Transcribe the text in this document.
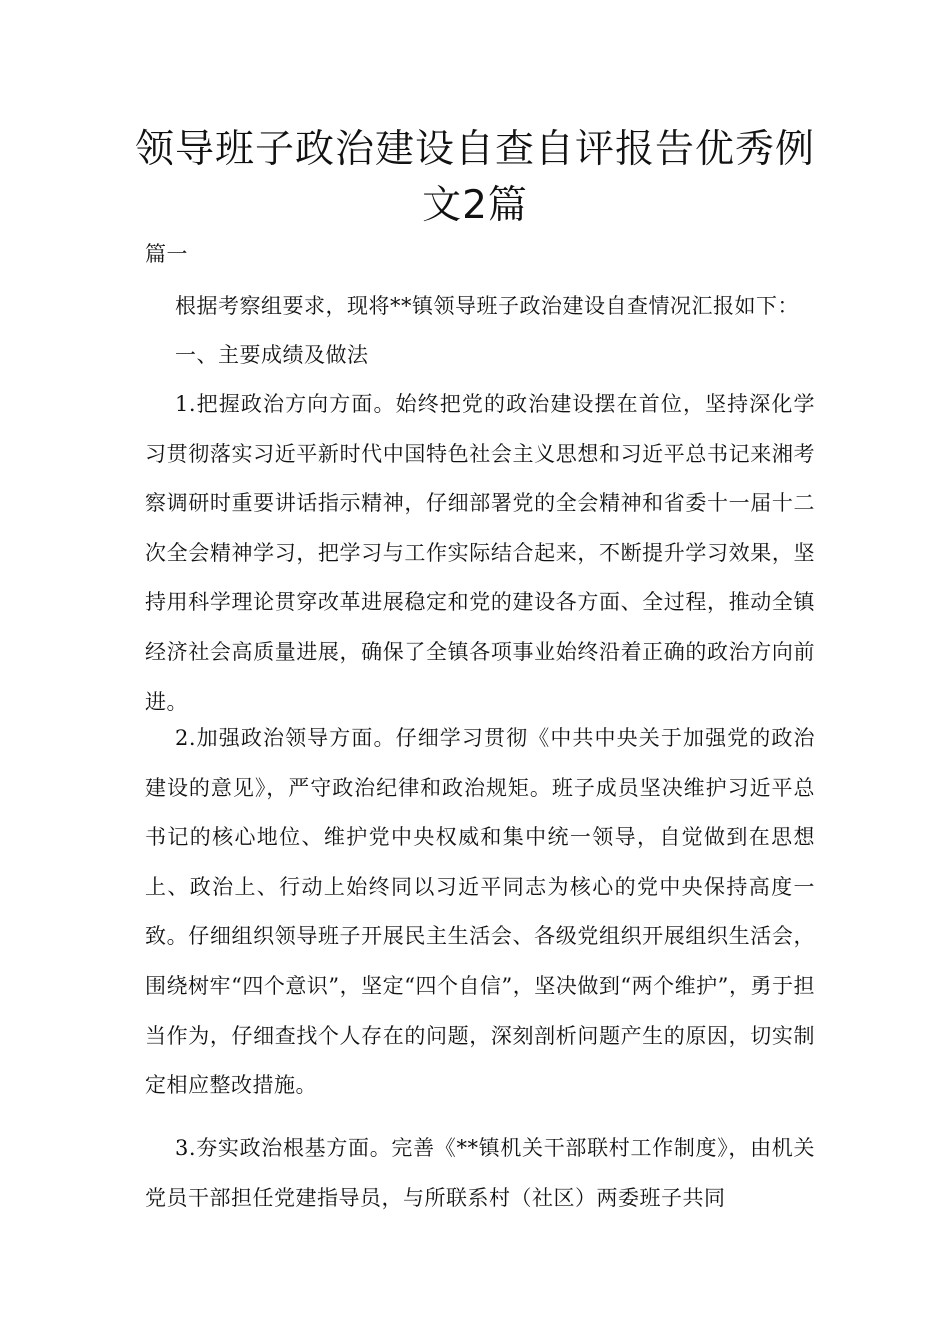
领导班子政治建设自查自评报告优秀例
文2篇

篇一

根据考察组要求，现将**镇领导班子政治建设自查情况汇报如下：

一、主要成绩及做法

1.把握政治方向方面。始终把党的政治建设摆在首位，坚持深化学习贯彻落实习近平新时代中国特色社会主义思想和习近平总书记来湘考察调研时重要讲话指示精神，仔细部署党的全会精神和省委十一届十二次全会精神学习，把学习与工作实际结合起来，不断提升学习效果，坚持用科学理论贯穿改革进展稳定和党的建设各方面、全过程，推动全镇经济社会高质量进展，确保了全镇各项事业始终沿着正确的政治方向前进。

2.加强政治领导方面。仔细学习贯彻《中共中央关于加强党的政治建设的意见》，严守政治纪律和政治规矩。班子成员坚决维护习近平总书记的核心地位、维护党中央权威和集中统一领导，自觉做到在思想上、政治上、行动上始终同以习近平同志为核心的党中央保持高度一致。仔细组织领导班子开展民主生活会、各级党组织开展组织生活会，围绕树牢“四个意识”，坚定“四个自信”，坚决做到“两个维护”，勇于担当作为，仔细查找个人存在的问题，深刻剖析问题产生的原因，切实制定相应整改措施。

3.夯实政治根基方面。完善《**镇机关干部联村工作制度》，由机关党员干部担任党建指导员，与所联系村（社区）两委班子共同
